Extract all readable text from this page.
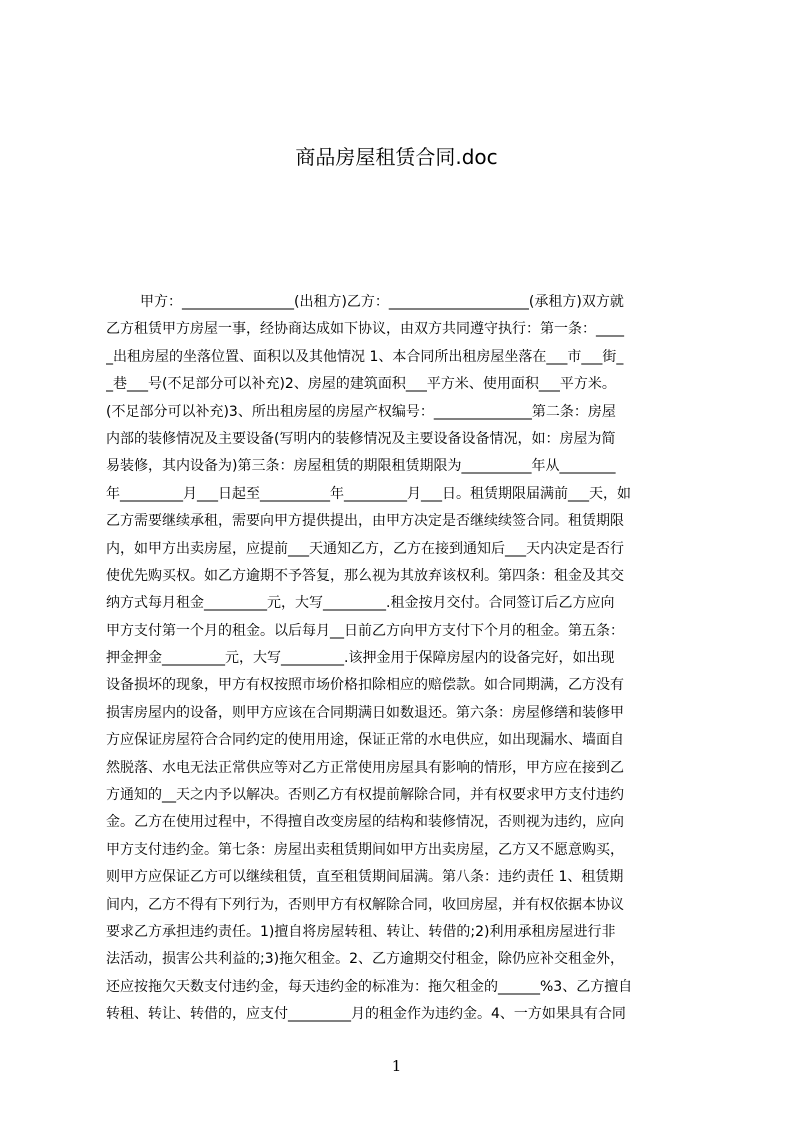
商品房屋租赁合同.doc
甲方：________________(出租方)乙方：____________________(承租方)双方就
乙方租赁甲方房屋一事，经协商达成如下协议，由双方共同遵守执行：第一条：____
_出租房屋的坐落位置、面积以及其他情况 1、本合同所出租房屋坐落在___市___街_
_巷___号(不足部分可以补充)2、房屋的建筑面积___平方米、使用面积___平方米。
(不足部分可以补充)3、所出租房屋的房屋产权编号：______________第二条：房屋
内部的装修情况及主要设备(写明内的装修情况及主要设备设备情况，如：房屋为简
易装修，其内设备为)第三条：房屋租赁的期限租赁期限为__________年从________
年_________月___日起至__________年_________月___日。租赁期限届满前___天，如
乙方需要继续承租，需要向甲方提供提出，由甲方决定是否继续续签合同。租赁期限
内，如甲方出卖房屋，应提前___天通知乙方，乙方在接到通知后___天内决定是否行
使优先购买权。如乙方逾期不予答复，那么视为其放弃该权利。第四条：租金及其交
纳方式每月租金_________元，大写_________.租金按月交付。合同签订后乙方应向
甲方支付第一个月的租金。以后每月__日前乙方向甲方支付下个月的租金。第五条：
押金押金_________元，大写_________.该押金用于保障房屋内的设备完好，如出现
设备损坏的现象，甲方有权按照市场价格扣除相应的赔偿款。如合同期满，乙方没有
损害房屋内的设备，则甲方应该在合同期满日如数退还。第六条：房屋修缮和装修甲
方应保证房屋符合合同约定的使用用途，保证正常的水电供应，如出现漏水、墙面自
然脱落、水电无法正常供应等对乙方正常使用房屋具有影响的情形，甲方应在接到乙
方通知的__天之内予以解决。否则乙方有权提前解除合同，并有权要求甲方支付违约
金。乙方在使用过程中，不得擅自改变房屋的结构和装修情况，否则视为违约，应向
甲方支付违约金。第七条：房屋出卖租赁期间如甲方出卖房屋，乙方又不愿意购买，
则甲方应保证乙方可以继续租赁，直至租赁期间届满。第八条：违约责任 1、租赁期
间内，乙方不得有下列行为，否则甲方有权解除合同，收回房屋，并有权依据本协议
要求乙方承担违约责任。1)擅自将房屋转租、转让、转借的;2)利用承租房屋进行非
法活动，损害公共利益的;3)拖欠租金。2、乙方逾期交付租金，除仍应补交租金外，
还应按拖欠天数支付违约金，每天违约金的标准为：拖欠租金的______%3、乙方擅自
转租、转让、转借的，应支付_________月的租金作为违约金。4、一方如果具有合同
1
